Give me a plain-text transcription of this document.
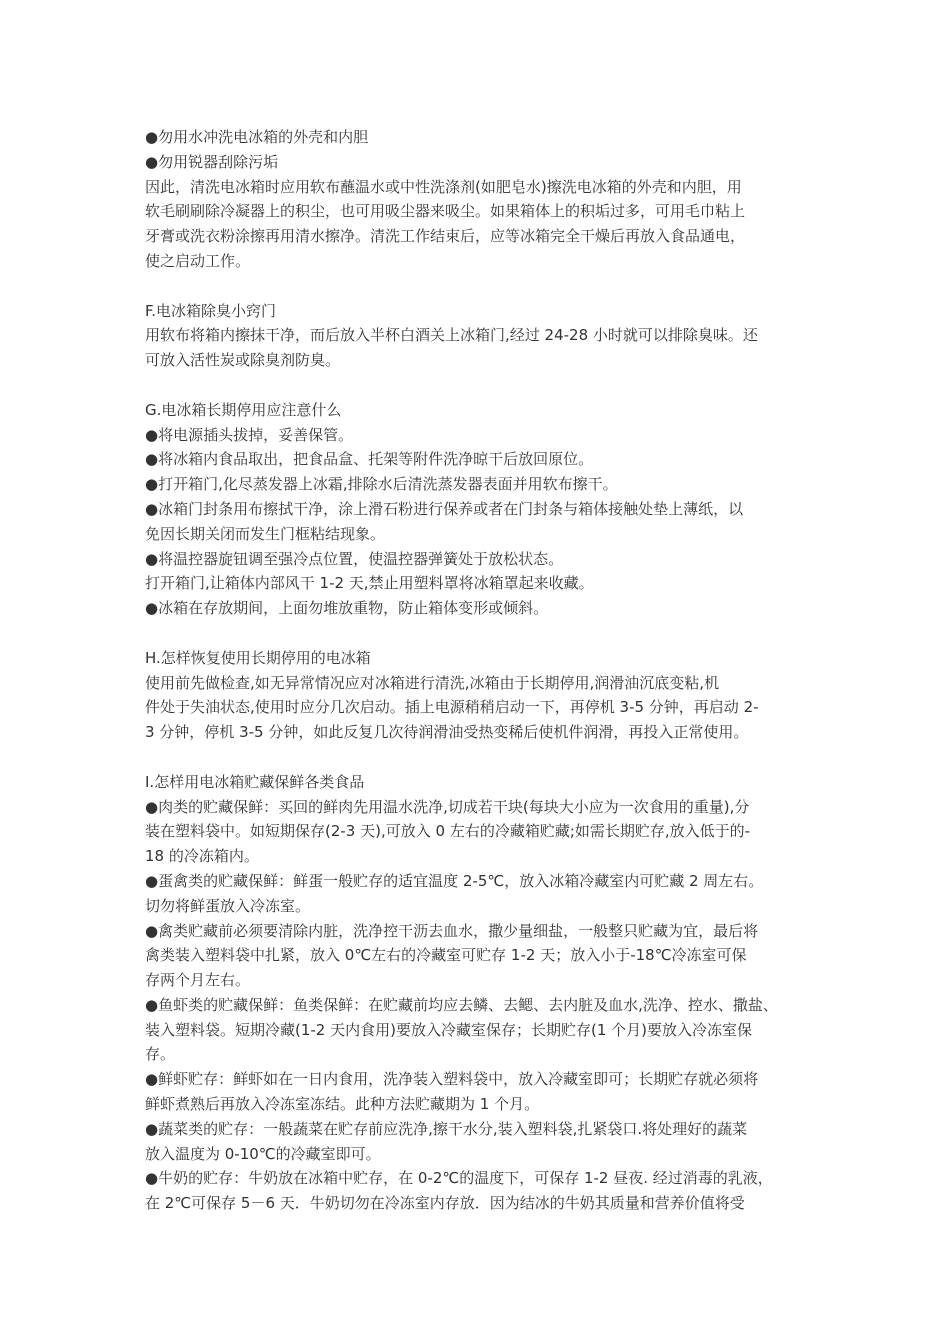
●勿用水冲洗电冰箱的外壳和内胆
●勿用锐器刮除污垢
因此，清洗电冰箱时应用软布蘸温水或中性洗涤剂(如肥皂水)擦洗电冰箱的外壳和内胆，用
软毛刷刷除冷凝器上的积尘，也可用吸尘器来吸尘。如果箱体上的积垢过多，可用毛巾粘上
牙膏或洗衣粉涂擦再用清水擦净。清洗工作结束后，应等冰箱完全干燥后再放入食品通电，
使之启动工作。
F.电冰箱除臭小窍门
用软布将箱内擦抹干净，而后放入半杯白酒关上冰箱门,经过 24-28 小时就可以排除臭味。还
可放入活性炭或除臭剂防臭。
G.电冰箱长期停用应注意什么
●将电源插头拔掉，妥善保管。
●将冰箱内食品取出，把食品盒、托架等附件洗净晾干后放回原位。
●打开箱门,化尽蒸发器上冰霜,排除水后清洗蒸发器表面并用软布擦干。
●冰箱门封条用布擦拭干净，涂上滑石粉进行保养或者在门封条与箱体接触处垫上薄纸，以
免因长期关闭而发生门框粘结现象。
●将温控器旋钮调至强冷点位置，使温控器弹簧处于放松状态。
打开箱门,让箱体内部风干 1-2 天,禁止用塑料罩将冰箱罩起来收藏。
●冰箱在存放期间，上面勿堆放重物，防止箱体变形或倾斜。
H.怎样恢复使用长期停用的电冰箱
使用前先做检查,如无异常情况应对冰箱进行清洗,冰箱由于长期停用,润滑油沉底变粘,机
件处于失油状态,使用时应分几次启动。插上电源稍稍启动一下，再停机 3-5 分钟，再启动 2-
3 分钟，停机 3-5 分钟，如此反复几次待润滑油受热变稀后使机件润滑，再投入正常使用。
I.怎样用电冰箱贮藏保鲜各类食品
●肉类的贮藏保鲜：买回的鲜肉先用温水洗净,切成若干块(每块大小应为一次食用的重量),分
装在塑料袋中。如短期保存(2-3 天),可放入 0 左右的冷藏箱贮藏;如需长期贮存,放入低于的-
18 的冷冻箱内。
●蛋禽类的贮藏保鲜：鲜蛋一般贮存的适宜温度 2-5℃，放入冰箱冷藏室内可贮藏 2 周左右。
切勿将鲜蛋放入冷冻室。
●禽类贮藏前必须要清除内脏，洗净控干沥去血水，撒少量细盐，一般整只贮藏为宜，最后将
禽类装入塑料袋中扎紧，放入 0℃左右的冷藏室可贮存 1-2 天；放入小于-18℃冷冻室可保
存两个月左右。
●鱼虾类的贮藏保鲜：鱼类保鲜：在贮藏前均应去鳞、去鳃、去内脏及血水,洗净、控水、撒盐、
装入塑料袋。短期冷藏(1-2 天内食用)要放入冷藏室保存；长期贮存(1 个月)要放入冷冻室保
存。
●鲜虾贮存：鲜虾如在一日内食用，洗净装入塑料袋中，放入冷藏室即可；长期贮存就必须将
鲜虾煮熟后再放入冷冻室冻结。此种方法贮藏期为 1 个月。
●蔬菜类的贮存：一般蔬菜在贮存前应洗净,擦干水分,装入塑料袋,扎紧袋口.将处理好的蔬菜
放入温度为 0-10℃的冷藏室即可。
●牛奶的贮存：牛奶放在冰箱中贮存，在 0-2℃的温度下，可保存 1-2 昼夜. 经过消毒的乳液，
在 2℃可保存 5－6 天．牛奶切勿在冷冻室内存放．因为结冰的牛奶其质量和营养价值将受
